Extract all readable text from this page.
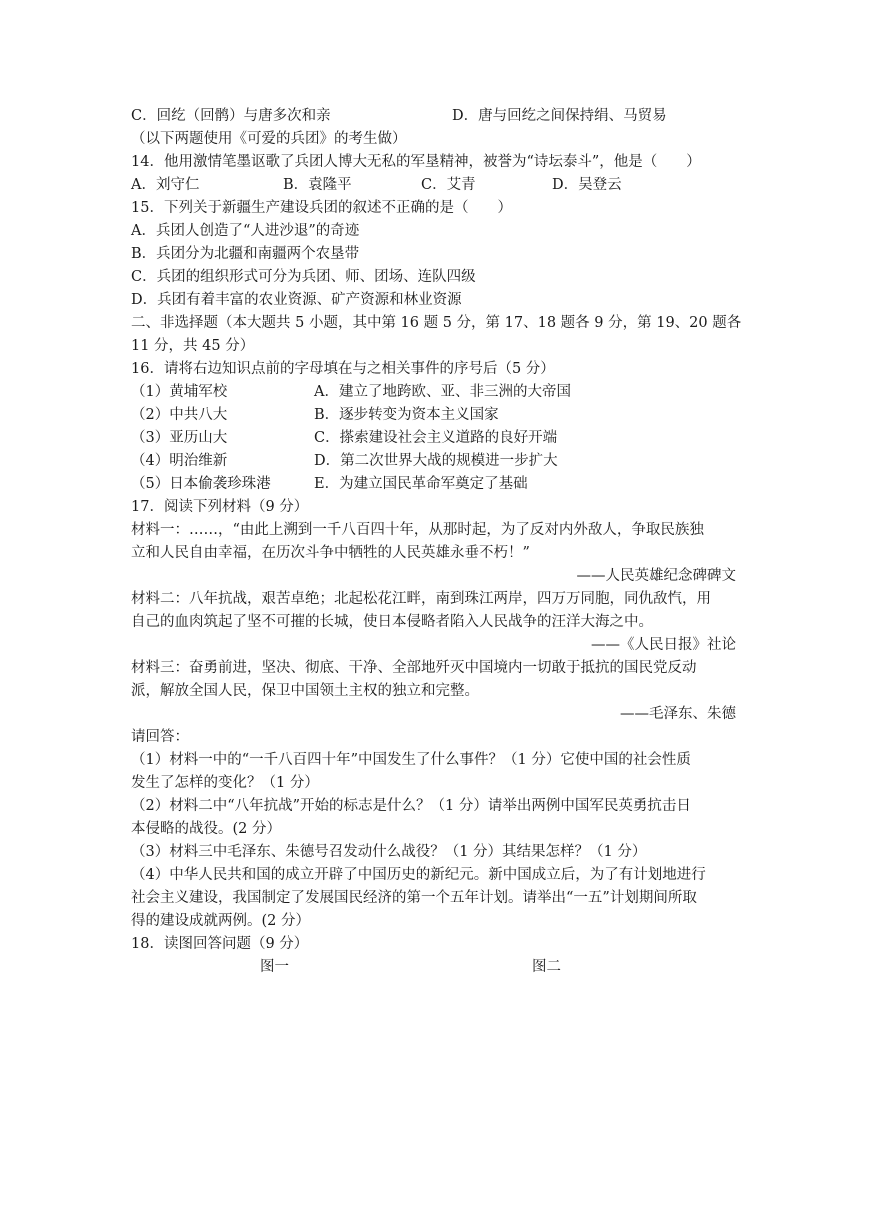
C．回纥（回鹘）与唐多次和亲	D．唐与回纥之间保持绢、马贸易
（以下两题使用《可爱的兵团》的考生做）
14．他用激情笔墨讴歌了兵团人博大无私的军垦精神，被誉为“诗坛泰斗”，他是（　　）
A．刘守仁	B．袁隆平	C．艾青	D．吴登云
15．下列关于新疆生产建设兵团的叙述不正确的是（　　）
A．兵团人创造了“人进沙退”的奇迹
B．兵团分为北疆和南疆两个农垦带
C．兵团的组织形式可分为兵团、师、团场、连队四级
D．兵团有着丰富的农业资源、矿产资源和林业资源
二、非选择题（本大题共 5 小题，其中第 16 题 5 分，第 17、18 题各 9 分，第 19、20 题各
11 分，共 45 分）
16．请将右边知识点前的字母填在与之相关事件的序号后（5 分）
（1）黄埔军校	A．建立了地跨欧、亚、非三洲的大帝国
（2）中共八大	B．逐步转变为资本主义国家
（3）亚历山大	C．搽索建设社会主义道路的良好开端
（4）明治维新	D．第二次世界大战的规模进一步扩大
（5）日本偷袭珍珠港	E．为建立国民革命军奠定了基础
17．阅读下列材料（9 分）
材料一：……，“由此上溯到一千八百四十年，从那时起，为了反对内外敌人，争取民族独
立和人民自由幸福，在历次斗争中牺牲的人民英雄永垂不朽！”
——人民英雄纪念碑碑文
材料二：八年抗战，艰苦卓绝；北起松花江畔，南到珠江两岸，四万万同胞，同仇敌忾，用
自己的血肉筑起了坚不可摧的长城，使日本侵略者陷入人民战争的汪洋大海之中。
——《人民日报》社论
材料三：奋勇前进，坚决、彻底、干净、全部地歼灭中国境内一切敢于抵抗的国民党反动
派，解放全国人民，保卫中国领土主权的独立和完整。
——毛泽东、朱德
请回答：
（1）材料一中的“一千八百四十年”中国发生了什么事件？（1 分）它使中国的社会性质
发生了怎样的变化？（1 分）
（2）材料二中“八年抗战”开始的标志是什么？（1 分）请举出两例中国军民英勇抗击日
本侵略的战役。(2 分）
（3）材料三中毛泽东、朱德号召发动什么战役？（1 分）其结果怎样？（1 分）
（4）中华人民共和国的成立开辟了中国历史的新纪元。新中国成立后，为了有计划地进行
社会主义建设，我国制定了发展国民经济的第一个五年计划。请举出“一五”计划期间所取
得的建设成就两例。(2 分）
18．读图回答问题（9 分）
图一	图二
